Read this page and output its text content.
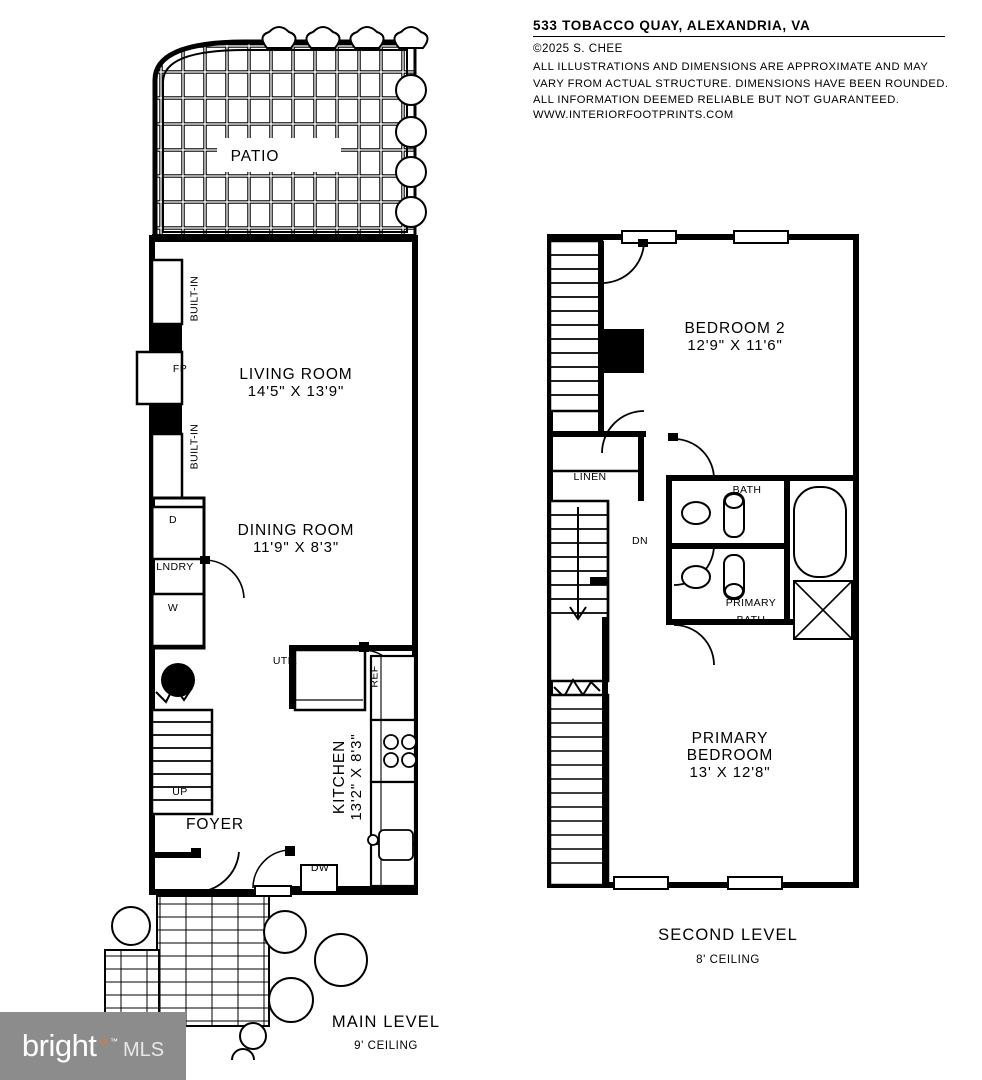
533 TOBACCO QUAY, ALEXANDRIA, VA
©2025 S. CHEE
ALL ILLUSTRATIONS AND DIMENSIONS ARE APPROXIMATE AND MAY
VARY FROM ACTUAL STRUCTURE. DIMENSIONS HAVE BEEN ROUNDED.
ALL INFORMATION DEEMED RELIABLE BUT NOT GUARANTEED.
WWW.INTERIORFOOTPRINTS.COM
PATIO
BUILT-IN
BUILT-IN
FP	LIVING ROOM
14'5" X 13'9"
DINING ROOM
11'9" X 8'3"
D
LNDRY
W
UTIL
REF
KITCHEN 13'2" X 8'3"
UP
FOYER
DW
MAIN LEVEL
9' CEILING
BEDROOM 2
12'9" X 11'6"
LINEN
DN
BATH
PRIMARY
BATH
PRIMARY
BEDROOM
13' X 12'8"
SECOND LEVEL
8' CEILING
bright ✧ ™ MLS
